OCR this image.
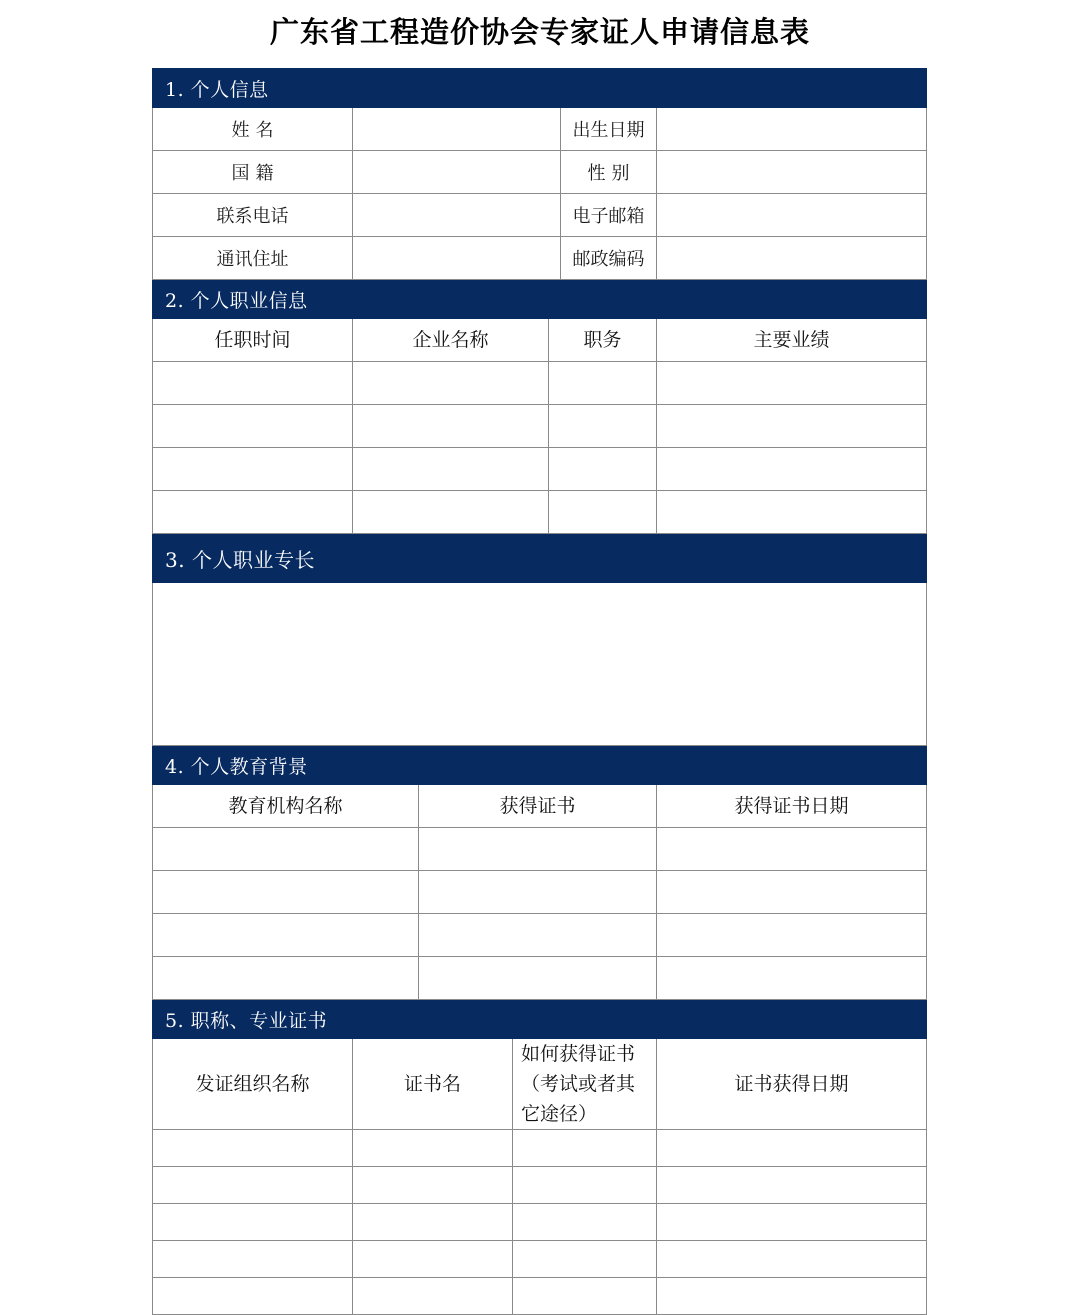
广东省工程造价协会专家证人申请信息表
1. 个人信息						
姓名					出生日期	
国籍					性别	
联系电话					电子邮箱	
通讯住址					邮政编码	
2. 个人职业信息						
任职时间	企业名称			职务		主要业绩

3. 个人职业专长						

4. 个人教育背景						
教育机构名称		获得证书				获得证书日期

5. 职称、专业证书						
发证组织名称	证书名		如何获得证书（考试或者其它途径）			证书获得日期
